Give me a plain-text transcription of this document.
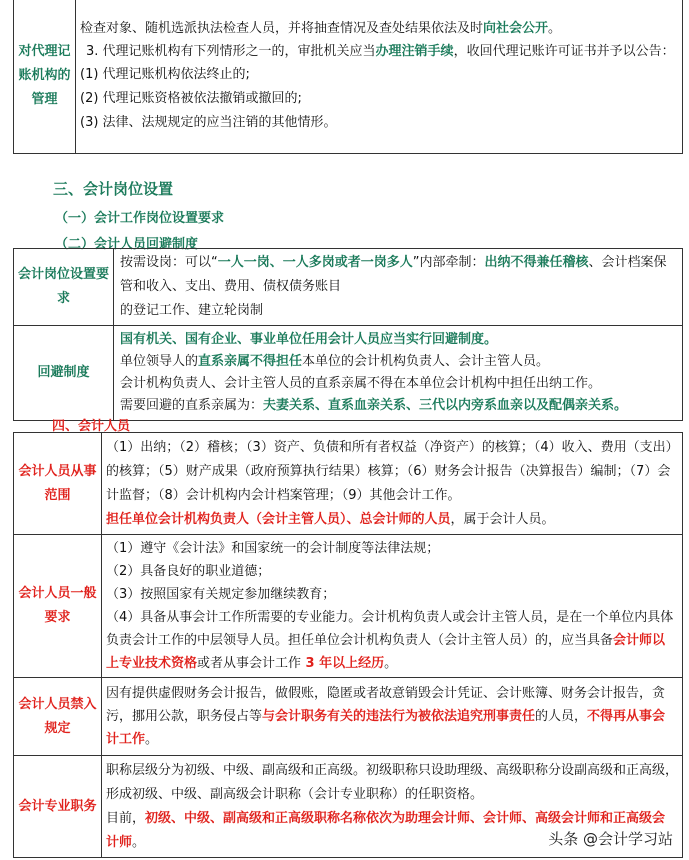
对代理记账机构的管理	
检查对象、随机选派执法检查人员，并将抽查情况及查处结果依法及时向社会公开。
3. 代理记账机构有下列情形之一的，审批机关应当办理注销手续，收回代理记账许可证书并予以公告：
(1) 代理记账机构依法终止的;
(2) 代理记账资格被依法撤销或撤回的;
(3) 法律、法规规定的应当注销的其他情形。
三、会计岗位设置
（一）会计工作岗位设置要求
（二）会计人员回避制度
会计岗位设置要求	按需设岗：可以“一人一岗、一人多岗或者一岗多人”内部牵制：出纳不得兼任稽核、会计档案保管和收入、支出、费用、债权债务账目
的登记工作、建立轮岗制

回避制度	国有机关、国有企业、事业单位任用会计人员应当实行回避制度。
单位领导人的直系亲属不得担任本单位的会计机构负责人、会计主管人员。
会计机构负责人、会计主管人员的直系亲属不得在本单位会计机构中担任出纳工作。
需要回避的直系亲属为：夫妻关系、直系血亲关系、三代以内旁系血亲以及配偶亲关系。
四、会计人员
会计人员从事范围	（1）出纳；（2）稽核；（3）资产、负债和所有者权益（净资产）的核算；（4）收入、费用（支出）的核算；（5）财产成果（政府预算执行结果）核算；（6）财务会计报告（决算报告）编制；（7）会计监督；（8）会计机构内会计档案管理；（9）其他会计工作。
担任单位会计机构负责人（会计主管人员）、总会计师的人员，属于会计人员。

会计人员一般要求	（1）遵守《会计法》和国家统一的会计制度等法律法规；
（2）具备良好的职业道德；
（3）按照国家有关规定参加继续教育；
（4）具备从事会计工作所需要的专业能力。会计机构负责人或会计主管人员，是在一个单位内具体负责会计工作的中层领导人员。担任单位会计机构负责人（会计主管人员）的，应当具备会计师以上专业技术资格或者从事会计工作 3 年以上经历。

会计人员禁入规定	因有提供虚假财务会计报告，做假账，隐匿或者故意销毁会计凭证、会计账簿、财务会计报告，贪污，挪用公款，职务侵占等与会计职务有关的违法行为被依法追究刑事责任的人员，不得再从事会计工作。
会计专业职务	职称层级分为初级、中级、副高级和正高级。初级职称只设助理级、高级职称分设副高级和正高级，形成初级、中级、副高级会计职称（会计专业职称）的任职资格。
目前，初级、中级、副高级和正高级职称名称依次为助理会计师、会计师、高级会计师和正高级会计师。	头条 @会计学习站
